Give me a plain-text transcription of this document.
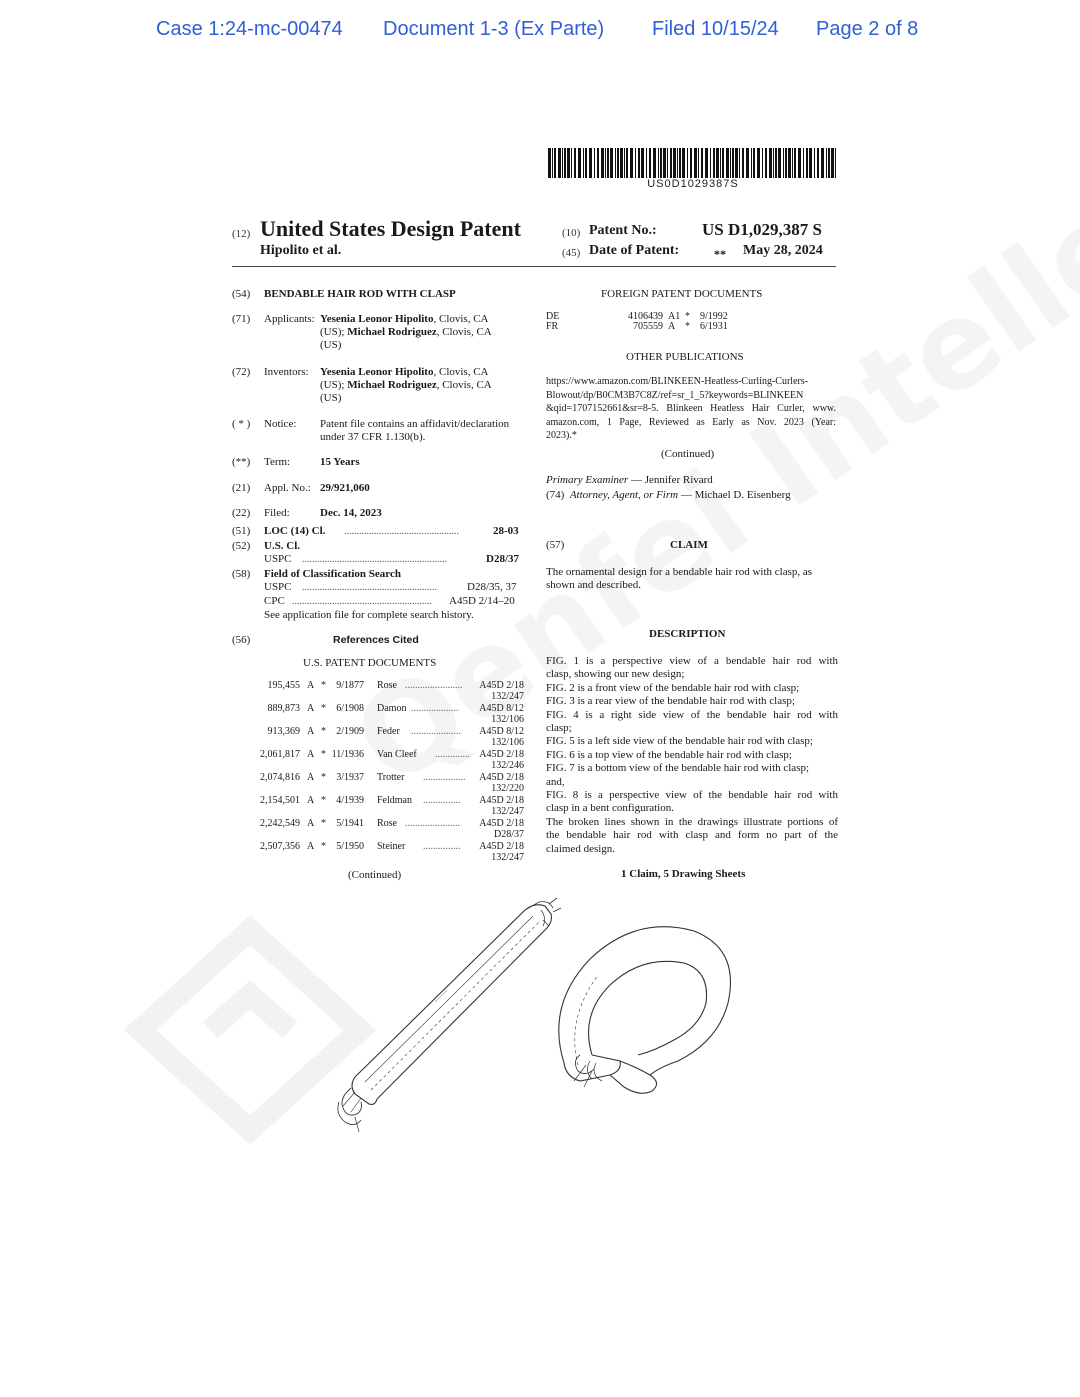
Case 1:24-mc-00474 Document 1-3 (Ex Parte) Filed 10/15/24 Page 2 of 8
US0D1029387S
(12) United States Design Patent
Hipolito et al.
(10) Patent No.:	US D1,029,387 S
(45) Date of Patent:	** May 28, 2024
(54) BENDABLE HAIR ROD WITH CLASP
(71) Applicants: Yesenia Leonor Hipolito, Clovis, CA
(US); Michael Rodriguez, Clovis, CA
(US)
(72) Inventors: Yesenia Leonor Hipolito, Clovis, CA
(US); Michael Rodriguez, Clovis, CA
(US)
( * ) Notice: Patent file contains an affidavit/declaration
under 37 CFR 1.130(b).
(**) Term:	15 Years
(21) Appl. No.: 29/921,060
(22) Filed:	Dec. 14, 2023
(51) LOC (14) Cl. ..............................................	28-03
(52) U.S. Cl.
USPC ..........................................................	D28/37
(58) Field of Classification Search
USPC ......................................................	D28/35, 37
CPC ........................................................	A45D 2/14–20
See application file for complete search history.
(56)	References Cited
U.S. PATENT DOCUMENTS
195,455 A * 9/1877 Rose ....................... A45D 2/18
132/247
889,873 A * 6/1908 Damon ................... A45D 8/12
132/106
913,369 A * 2/1909 Feder .................... A45D 8/12
132/106
2,061,817 A * 11/1936 Van Cleef .............. A45D 2/18
132/246
2,074,816 A * 3/1937 Trotter ................. A45D 2/18
132/220
2,154,501 A * 4/1939 Feldman ............... A45D 2/18
132/247
2,242,549 A * 5/1941 Rose ...................... A45D 2/18
D28/37
2,507,356 A * 5/1950 Steiner ............... A45D 2/18
132/247
(Continued)
FOREIGN PATENT DOCUMENTS
DE	4106439 A1 * 9/1992
FR	705559 A * 6/1931
OTHER PUBLICATIONS
https://www.amazon.com/BLINKEEN-Heatless-Curling-Curlers-
Blowout/dp/B0CM3B7C8Z/ref=sr_1_5?keywords=BLINKEEN
&qid=1707152661&sr=8-5. Blinkeen Heatless Hair Curler, www.
amazon.com, 1 Page, Reviewed as Early as Nov. 2023 (Year:
2023).*
(Continued)
Primary Examiner — Jennifer Rivard
(74) Attorney, Agent, or Firm — Michael D. Eisenberg
(57)	CLAIM
The ornamental design for a bendable hair rod with clasp, as
shown and described.
DESCRIPTION
FIG. 1 is a perspective view of a bendable hair rod with
clasp, showing our new design;
FIG. 2 is a front view of the bendable hair rod with clasp;
FIG. 3 is a rear view of the bendable hair rod with clasp;
FIG. 4 is a right side view of the bendable hair rod with
clasp;
FIG. 5 is a left side view of the bendable hair rod with clasp;
FIG. 6 is a top view of the bendable hair rod with clasp;
FIG. 7 is a bottom view of the bendable hair rod with clasp;
and,
FIG. 8 is a perspective view of the bendable hair rod with
clasp in a bent configuration.
The broken lines shown in the drawings illustrate portions of
the bendable hair rod with clasp and form no part of the
claimed design.
1 Claim, 5 Drawing Sheets
